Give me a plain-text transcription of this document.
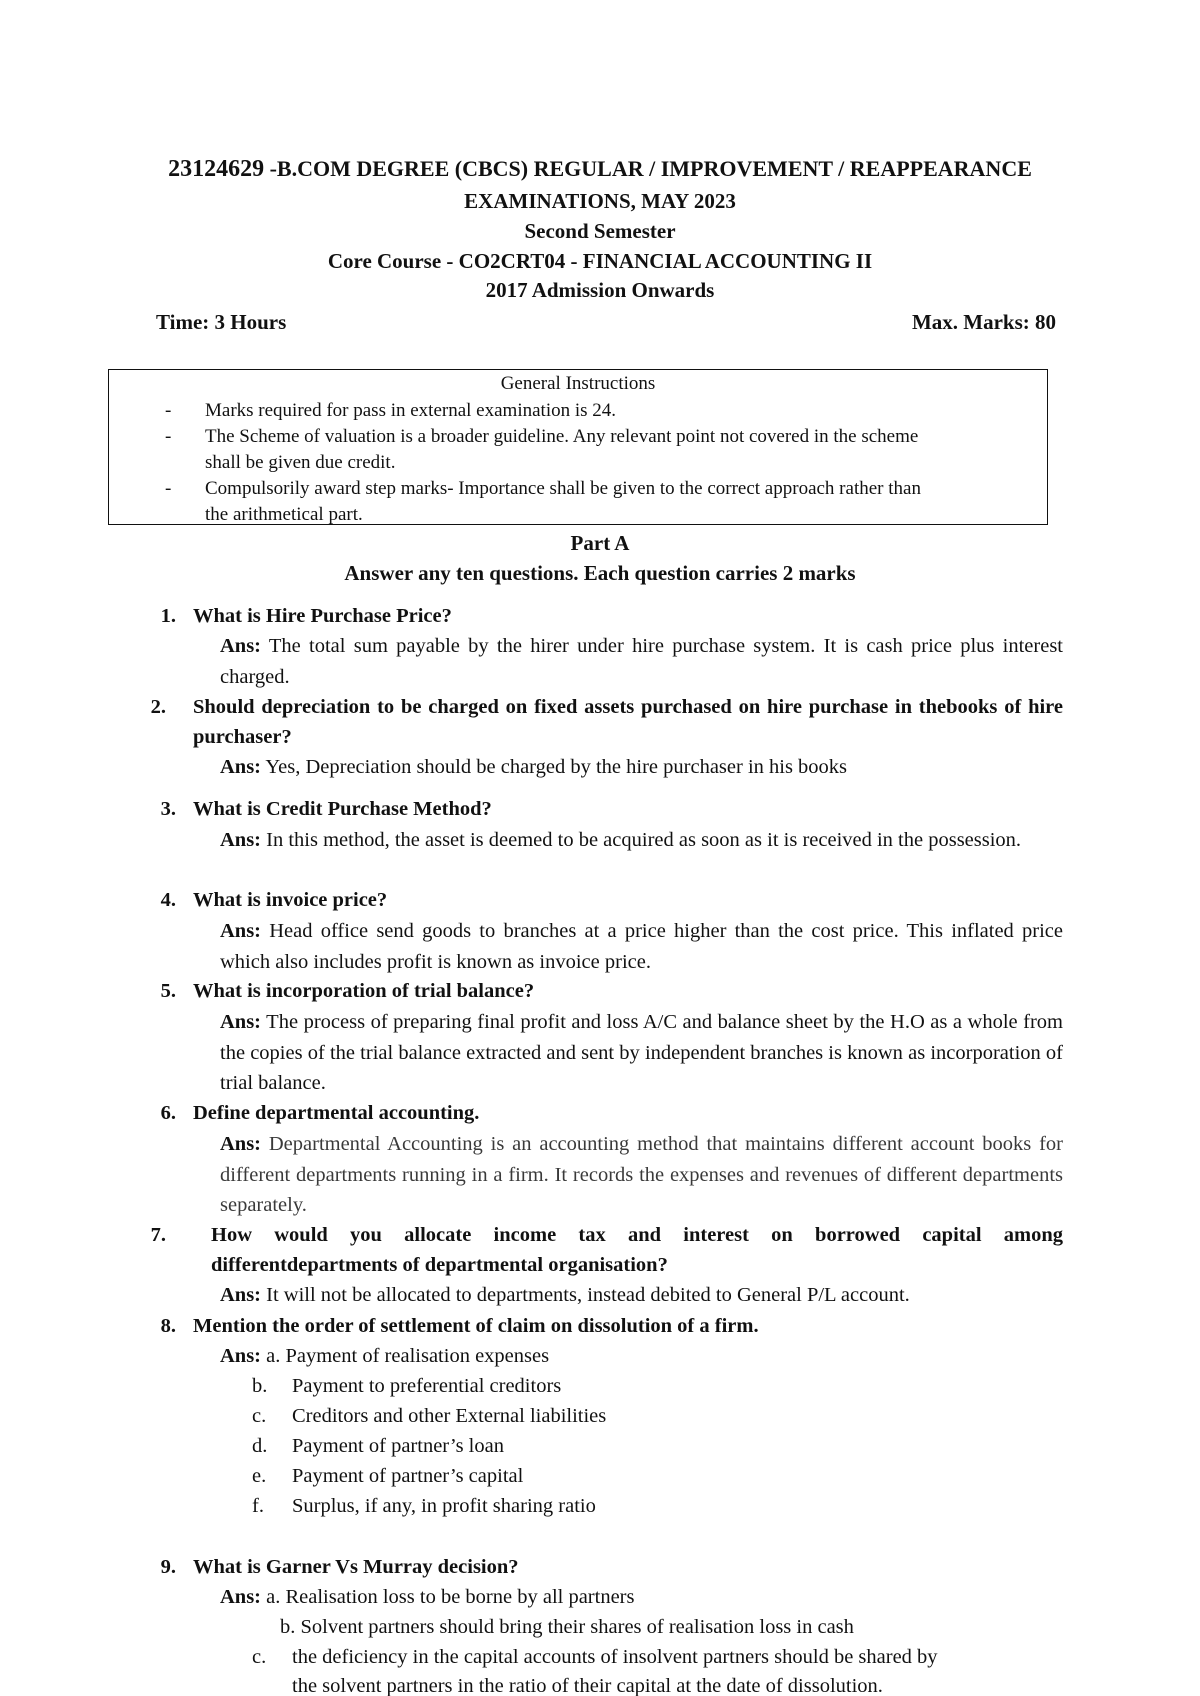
23124629 -B.COM DEGREE (CBCS) REGULAR / IMPROVEMENT / REAPPEARANCE
EXAMINATIONS, MAY 2023
Second Semester
Core Course - CO2CRT04 - FINANCIAL ACCOUNTING II
2017 Admission Onwards
Time: 3 Hours	Max. Marks: 80
General Instructions
- Marks required for pass in external examination is 24.
- The Scheme of valuation is a broader guideline. Any relevant point not covered in the scheme
shall be given due credit.
- Compulsorily award step marks- Importance shall be given to the correct approach rather than
the arithmetical part.
Part A
Answer any ten questions. Each question carries 2 marks
1. What is Hire Purchase Price?
Ans: The total sum payable by the hirer under hire purchase system. It is cash price plus interest charged.
2. Should depreciation to be charged on fixed assets purchased on hire purchase in thebooks of hire purchaser?
Ans: Yes, Depreciation should be charged by the hire purchaser in his books
3. What is Credit Purchase Method?
Ans: In this method, the asset is deemed to be acquired as soon as it is received in the possession.
4. What is invoice price?
Ans: Head office send goods to branches at a price higher than the cost price. This inflated price which also includes profit is known as invoice price.
5. What is incorporation of trial balance?
Ans: The process of preparing final profit and loss A/C and balance sheet by the H.O as a whole from the copies of the trial balance extracted and sent by independent branches is known as incorporation of trial balance.
6. Define departmental accounting.
Ans: Departmental Accounting is an accounting method that maintains different account books for different departments running in a firm. It records the expenses and revenues of different departments separately.
7. How would you allocate income tax and interest on borrowed capital among differentdepartments of departmental organisation?
Ans: It will not be allocated to departments, instead debited to General P/L account.
8. Mention the order of settlement of claim on dissolution of a firm.
Ans: a. Payment of realisation expenses
b. Payment to preferential creditors
c. Creditors and other External liabilities
d. Payment of partner’s loan
e. Payment of partner’s capital
f. Surplus, if any, in profit sharing ratio
9. What is Garner Vs Murray decision?
Ans: a. Realisation loss to be borne by all partners
b. Solvent partners should bring their shares of realisation loss in cash
c. the deficiency in the capital accounts of insolvent partners should be shared by
the solvent partners in the ratio of their capital at the date of dissolution.
